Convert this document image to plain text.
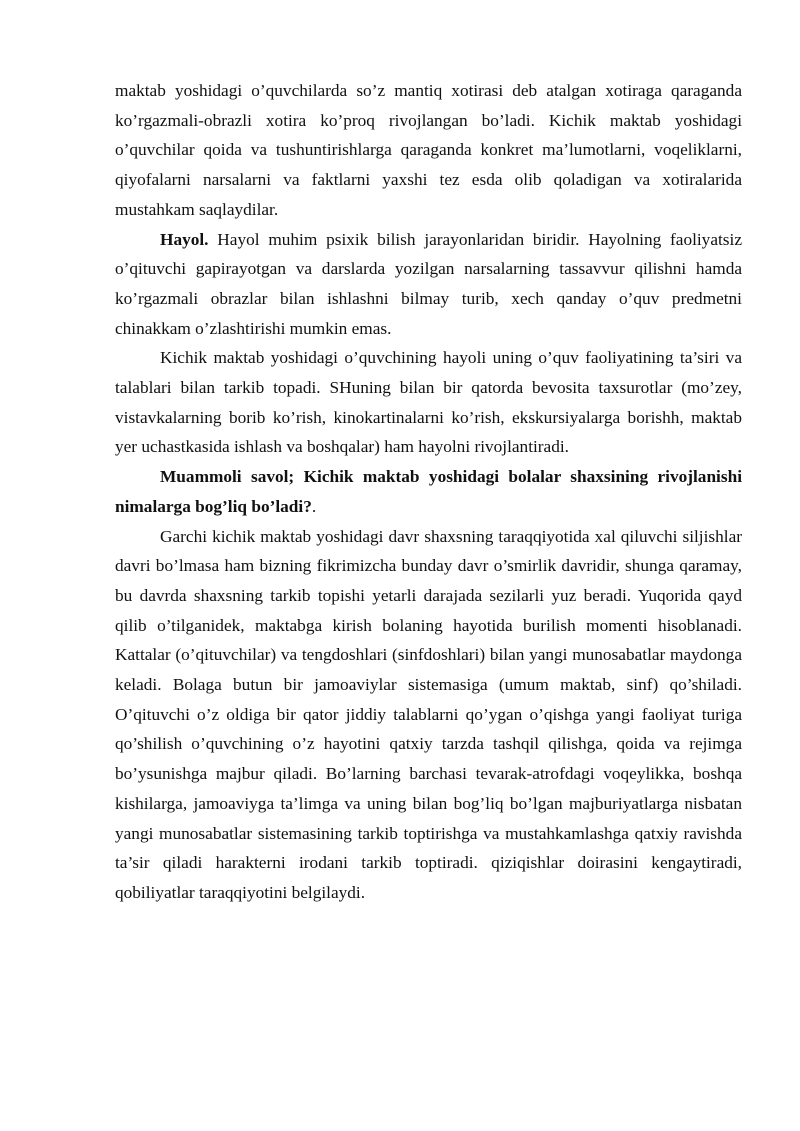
maktab yoshidagi o’quvchilarda so’z mantiq xotirasi deb atalgan xotiraga qaraganda ko’rgazmali-obrazli xotira ko’proq rivojlangan bo’ladi. Kichik maktab yoshidagi o’quvchilar qoida va tushuntirishlarga qaraganda konkret ma’lumotlarni, voqeliklarni, qiyofalarni narsalarni va faktlarni yaxshi tez esda olib qoladigan va xotiralarida mustahkam saqlaydilar.

Hayol. Hayol muhim psixik bilish jarayonlaridan biridir. Hayolning faoliyatsiz o’qituvchi gapirayotgan va darslarda yozilgan narsalarning tassavvur qilishni hamda ko’rgazmali obrazlar bilan ishlashni bilmay turib, xech qanday o’quv predmetni chinakkam o’zlashtirishi mumkin emas.

Kichik maktab yoshidagi o’quvchining hayoli uning o’quv faoliyatining ta’siri va talablari bilan tarkib topadi. SHuning bilan bir qatorda bevosita taxsurotlar (mo’zey, vistavkalarning borib ko’rish, kinokartinalarni ko’rish, ekskursiyalarga borishh, maktab yer uchastkasida ishlash va boshqalar) ham hayolni rivojlantiradi.

Muammoli savol; Kichik maktab yoshidagi bolalar shaxsining rivojlanishi nimalarga bog’liq bo’ladi?.

Garchi kichik maktab yoshidagi davr shaxsning taraqqiyotida xal qiluvchi siljishlar davri bo’lmasa ham bizning fikrimizcha bunday davr o’smirlik davridir, shunga qaramay, bu davrda shaxsning tarkib topishi yetarli darajada sezilarli yuz beradi. Yuqorida qayd qilib o’tilganidek, maktabga kirish bolaning hayotida burilish momenti hisoblanadi. Kattalar (o’qituvchilar) va tengdoshlari (sinfdoshlari) bilan yangi munosabatlar maydonga keladi. Bolaga butun bir jamoaviylar sistemasiga (umum maktab, sinf) qo’shiladi. O’qituvchi o’z oldiga bir qator jiddiy talablarni qo’ygan o’qishga yangi faoliyat turiga qo’shilish o’quvchining o’z hayotini qatxiy tarzda tashqil qilishga, qoida va rejimga bo’ysunishga majbur qiladi. Bo’larning barchasi tevarak-atrofdagi voqeylikka, boshqa kishilarga, jamoaviyga ta’limga va uning bilan bog’liq bo’lgan majburiyatlarga nisbatan yangi munosabatlar sistemasining tarkib toptirishga va mustahkamlashga qatxiy ravishda ta’sir qiladi harakterni irodani tarkib toptiradi. qiziqishlar doirasini kengaytiradi, qobiliyatlar taraqqiyotini belgilaydi.
